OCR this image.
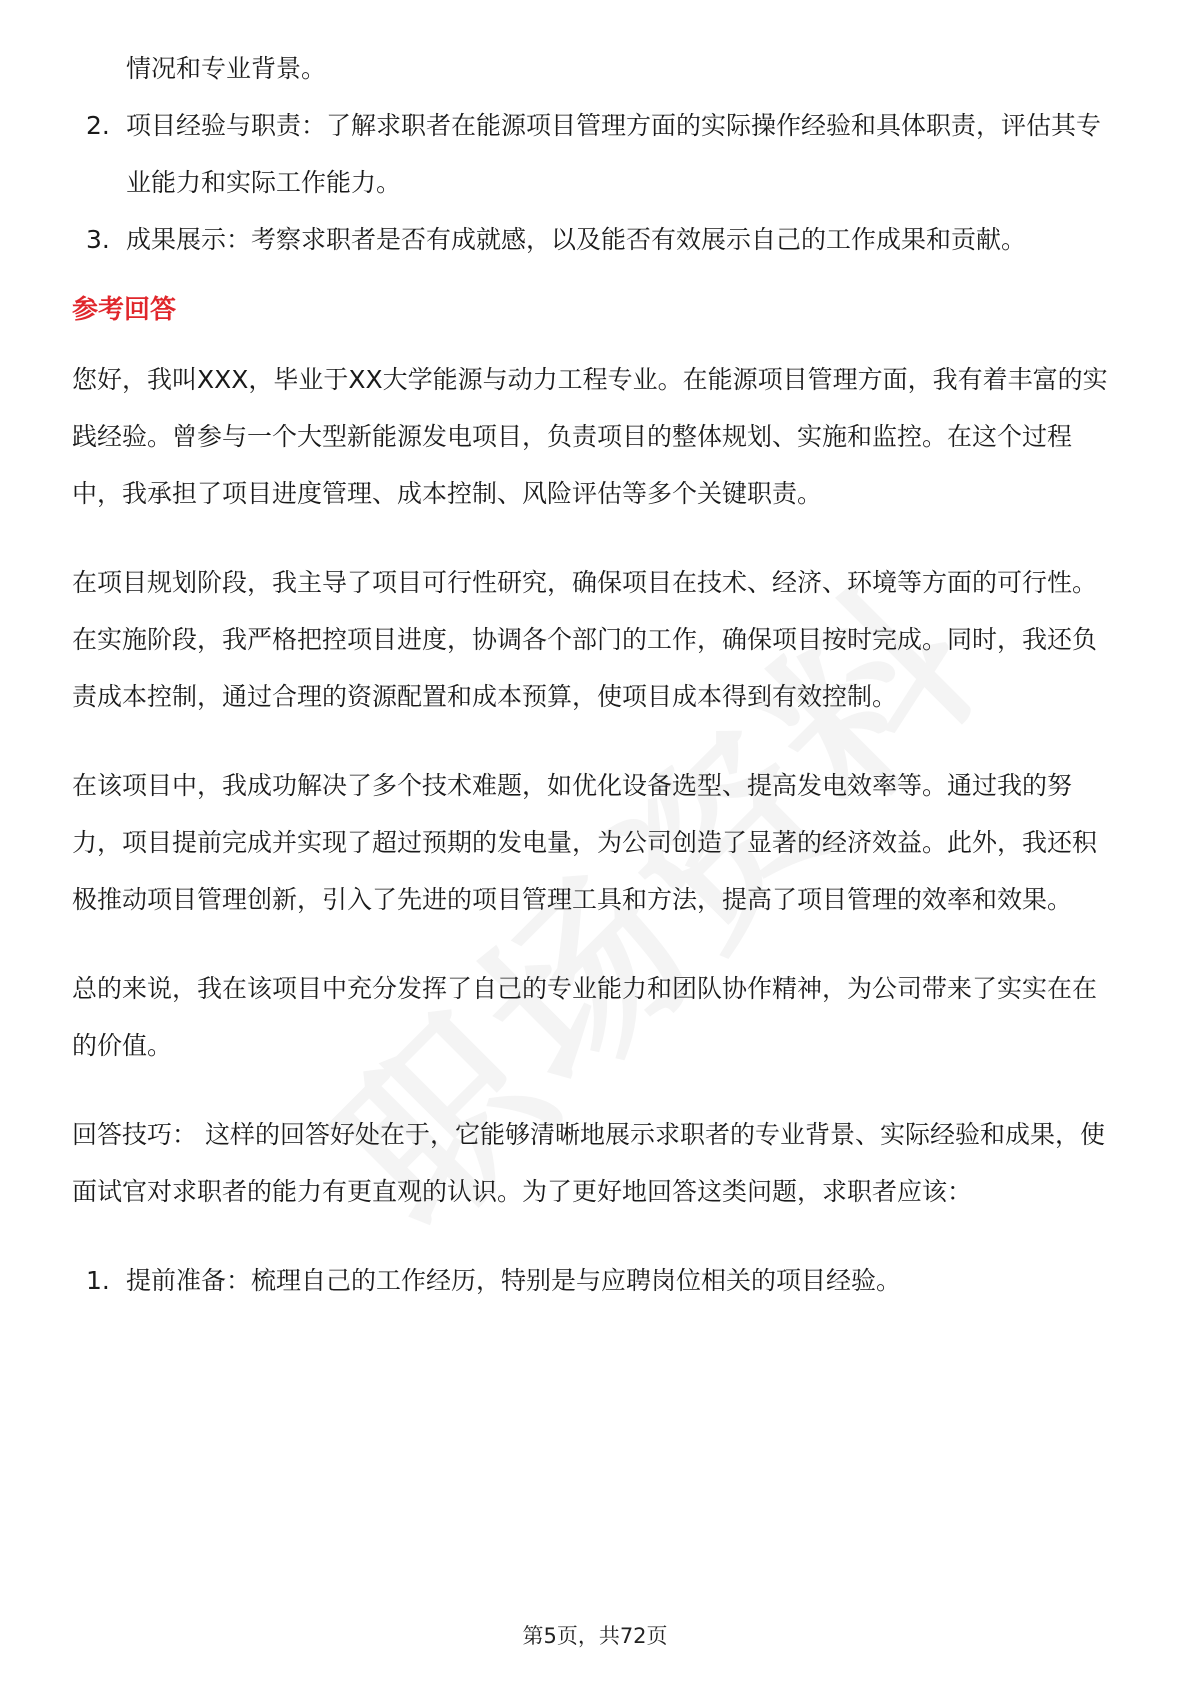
情况和专业背景。
2. 项目经验与职责：了解求职者在能源项目管理方面的实际操作经验和具体职责，评估其专业能力和实际工作能力。
3. 成果展示：考察求职者是否有成就感，以及能否有效展示自己的工作成果和贡献。
参考回答

您好，我叫XXX，毕业于XX大学能源与动力工程专业。在能源项目管理方面，我有着丰富的实践经验。曾参与一个大型新能源发电项目，负责项目的整体规划、实施和监控。在这个过程中，我承担了项目进度管理、成本控制、风险评估等多个关键职责。

在项目规划阶段，我主导了项目可行性研究，确保项目在技术、经济、环境等方面的可行性。在实施阶段，我严格把控项目进度，协调各个部门的工作，确保项目按时完成。同时，我还负责成本控制，通过合理的资源配置和成本预算，使项目成本得到有效控制。

在该项目中，我成功解决了多个技术难题，如优化设备选型、提高发电效率等。通过我的努力，项目提前完成并实现了超过预期的发电量，为公司创造了显著的经济效益。此外，我还积极推动项目管理创新，引入了先进的项目管理工具和方法，提高了项目管理的效率和效果。

总的来说，我在该项目中充分发挥了自己的专业能力和团队协作精神，为公司带来了实实在在的价值。

回答技巧： 这样的回答好处在于，它能够清晰地展示求职者的专业背景、实际经验和成果，使面试官对求职者的能力有更直观的认识。为了更好地回答这类问题，求职者应该：

1. 提前准备：梳理自己的工作经历，特别是与应聘岗位相关的项目经验。
第5页，共72页
